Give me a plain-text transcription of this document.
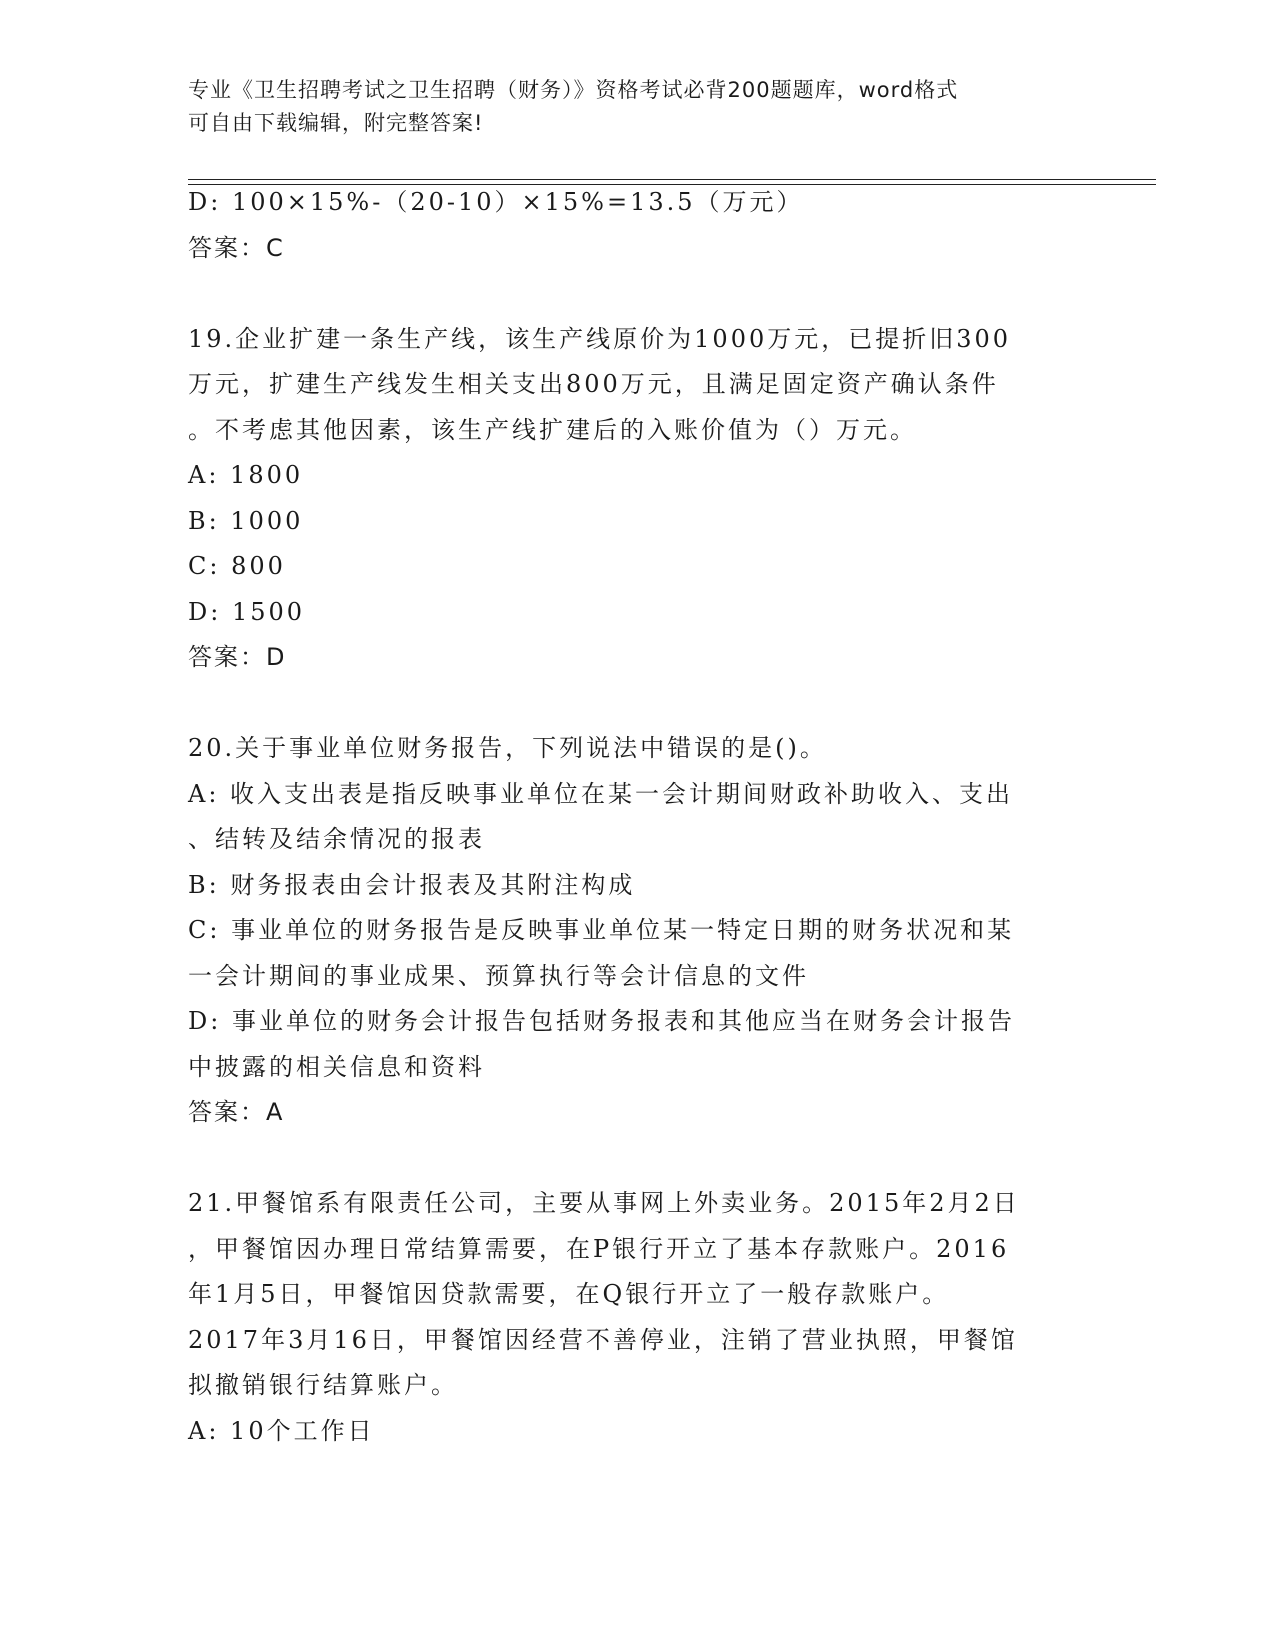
专业《卫生招聘考试之卫生招聘（财务）》资格考试必背200题题库，word格式
可自由下载编辑，附完整答案!
D: 100×15%-（20-10）×15%=13.5（万元）
答案：C
19.企业扩建一条生产线，该生产线原价为1000万元，已提折旧300
万元，扩建生产线发生相关支出800万元，且满足固定资产确认条件
。不考虑其他因素，该生产线扩建后的入账价值为（）万元。
A: 1800
B: 1000
C: 800
D: 1500
答案：D
20.关于事业单位财务报告，下列说法中错误的是()。
A: 收入支出表是指反映事业单位在某一会计期间财政补助收入、支出
、结转及结余情况的报表
B: 财务报表由会计报表及其附注构成
C: 事业单位的财务报告是反映事业单位某一特定日期的财务状况和某
一会计期间的事业成果、预算执行等会计信息的文件
D: 事业单位的财务会计报告包括财务报表和其他应当在财务会计报告
中披露的相关信息和资料
答案：A
21.甲餐馆系有限责任公司，主要从事网上外卖业务。2015年2月2日
，甲餐馆因办理日常结算需要，在P银行开立了基本存款账户。2016
年1月5日，甲餐馆因贷款需要，在Q银行开立了一般存款账户。
2017年3月16日，甲餐馆因经营不善停业，注销了营业执照，甲餐馆
拟撤销银行结算账户。
A: 10个工作日
